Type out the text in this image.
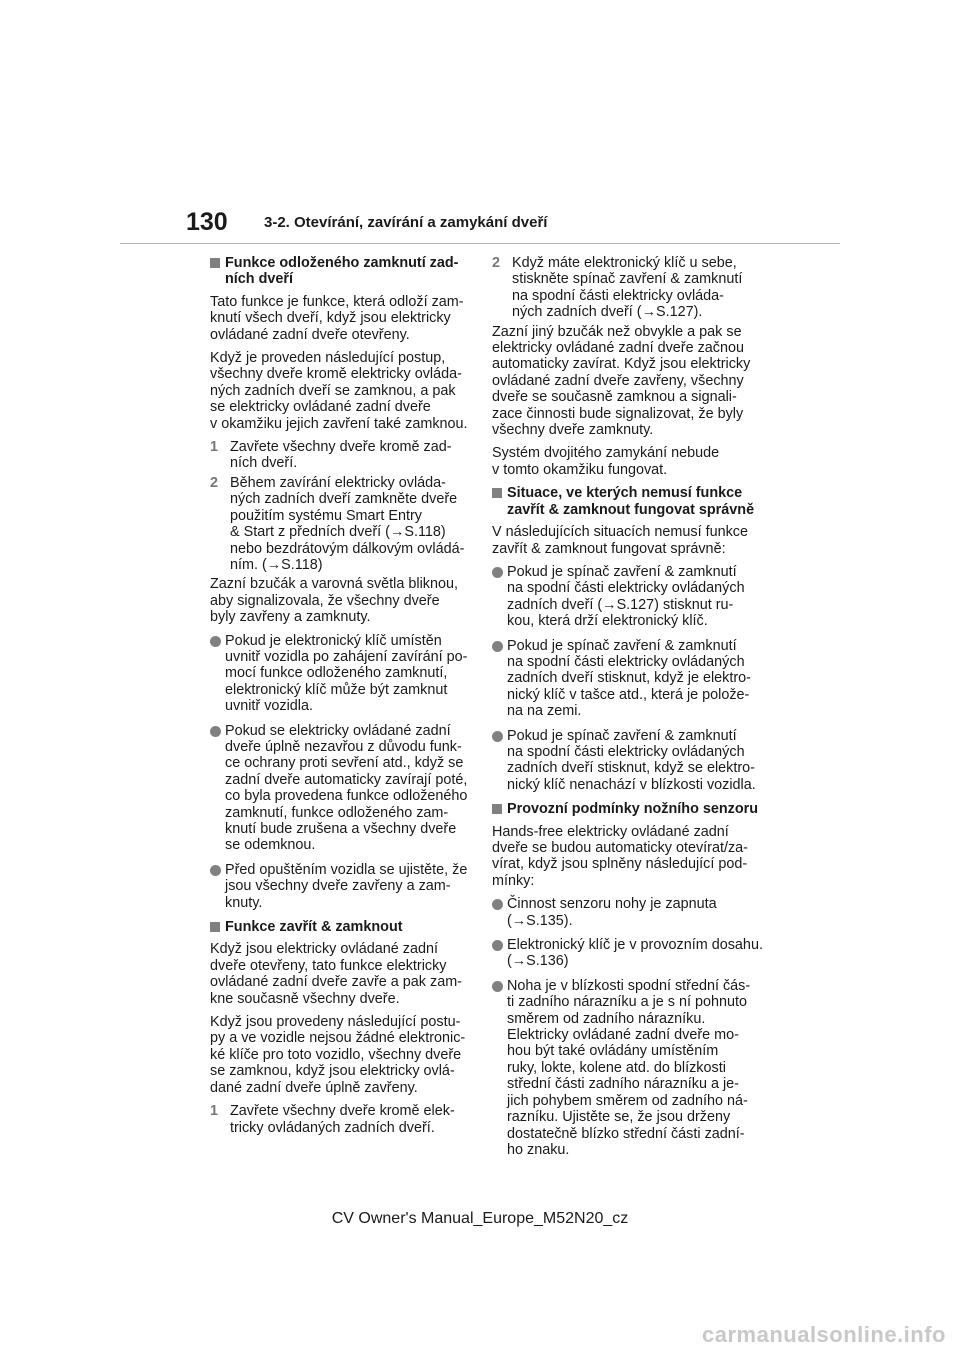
130 3-2. Otevírání, zavírání a zamykání dveří
Funkce odloženého zamknutí zad-
ních dveří
Tato funkce je funkce, která odloží zam-
knutí všech dveří, když jsou elektricky
ovládané zadní dveře otevřeny.
Když je proveden následující postup,
všechny dveře kromě elektricky ovláda-
ných zadních dveří se zamknou, a pak
se elektricky ovládané zadní dveře
v okamžiku jejich zavření také zamknou.
1 Zavřete všechny dveře kromě zad-
ních dveří.
2 Během zavírání elektricky ovláda-
ných zadních dveří zamkněte dveře
použitím systému Smart Entry
& Start z předních dveří (→S.118)
nebo bezdrátovým dálkovým ovládá-
ním. (→S.118)
Zazní bzučák a varovná světla bliknou,
aby signalizovala, že všechny dveře
byly zavřeny a zamknuty.
Pokud je elektronický klíč umístěn
uvnitř vozidla po zahájení zavírání po-
mocí funkce odloženého zamknutí,
elektronický klíč může být zamknut
uvnitř vozidla.
Pokud se elektricky ovládané zadní
dveře úplně nezavřou z důvodu funk-
ce ochrany proti sevření atd., když se
zadní dveře automaticky zavírají poté,
co byla provedena funkce odloženého
zamknutí, funkce odloženého zam-
knutí bude zrušena a všechny dveře
se odemknou.
Před opuštěním vozidla se ujistěte, že
jsou všechny dveře zavřeny a zam-
knuty.
Funkce zavřít & zamknout
Když jsou elektricky ovládané zadní
dveře otevřeny, tato funkce elektricky
ovládané zadní dveře zavře a pak zam-
kne současně všechny dveře.
Když jsou provedeny následující postu-
py a ve vozidle nejsou žádné elektronic-
ké klíče pro toto vozidlo, všechny dveře
se zamknou, když jsou elektricky ovlá-
dané zadní dveře úplně zavřeny.
1 Zavřete všechny dveře kromě elek-
tricky ovládaných zadních dveří.
2 Když máte elektronický klíč u sebe,
stiskněte spínač zavření & zamknutí
na spodní části elektricky ovláda-
ných zadních dveří (→S.127).
Zazní jiný bzučák než obvykle a pak se
elektricky ovládané zadní dveře začnou
automaticky zavírat. Když jsou elektricky
ovládané zadní dveře zavřeny, všechny
dveře se současně zamknou a signali-
zace činnosti bude signalizovat, že byly
všechny dveře zamknuty.
Systém dvojitého zamykání nebude
v tomto okamžiku fungovat.
Situace, ve kterých nemusí funkce
zavřít & zamknout fungovat správně
V následujících situacích nemusí funkce
zavřít & zamknout fungovat správně:
Pokud je spínač zavření & zamknutí
na spodní části elektricky ovládaných
zadních dveří (→S.127) stisknut ru-
kou, která drží elektronický klíč.
Pokud je spínač zavření & zamknutí
na spodní části elektricky ovládaných
zadních dveří stisknut, když je elektro-
nický klíč v tašce atd., která je polože-
na na zemi.
Pokud je spínač zavření & zamknutí
na spodní části elektricky ovládaných
zadních dveří stisknut, když se elektro-
nický klíč nenachází v blízkosti vozidla.
Provozní podmínky nožního senzoru
Hands-free elektricky ovládané zadní
dveře se budou automaticky otevírat/za-
vírat, když jsou splněny následující pod-
mínky:
Činnost senzoru nohy je zapnuta
(→S.135).
Elektronický klíč je v provozním dosahu.
(→S.136)
Noha je v blízkosti spodní střední čás-
ti zadního nárazníku a je s ní pohnuto
směrem od zadního nárazníku.
Elektricky ovládané zadní dveře mo-
hou být také ovládány umístěním
ruky, lokte, kolene atd. do blízkosti
střední části zadního nárazníku a je-
jich pohybem směrem od zadního ná-
razníku. Ujistěte se, že jsou drženy
dostatečně blízko střední části zadní-
ho znaku.
CV Owner's Manual_Europe_M52N20_cz
carmanualsonline.info
